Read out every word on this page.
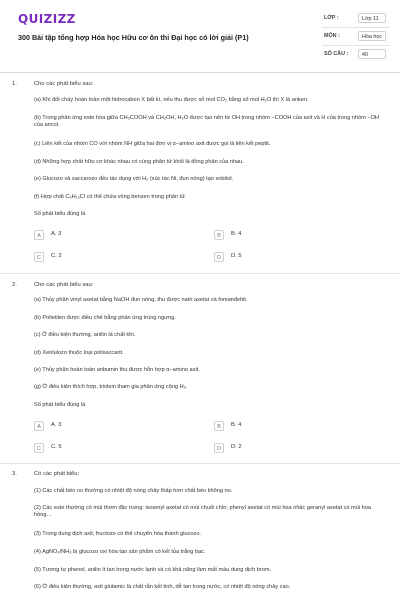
QUIZIZZ
300 Bài tập tổng hợp Hóa học Hữu cơ ôn thi Đại học có lời giải (P1)
LỚP :	Lớp 11
MÔN :	Hóa học
SỐ CÂU :	40
1.	Cho các phát biểu sau:
(a) Khi đốt cháy hoàn toàn một hidrocabon X bất kì, nếu thu được số mol CO₂ bằng số mol H₂O thì X là anken.
(b) Trong phân ứng este hóa giữa CH₃COOH và CH₃OH, H₂O được tạo nên từ OH trong nhóm −COOH của axit và H của trong nhóm −OH của ancol.
(c) Liên kết của nhóm CO với nhóm NH giữa hai đơn vị α−amino axit được gọi là liên kết peptit.
(d) Những hợp chất hữu cơ khác nhau có cùng phân tử khối là đồng phân của nhau.
(e) Glucozo và saccarozo đều tác dụng với H₂ (xúc tác Ni, đun nóng) tạo sobitol.
(f) Hợp chất C₉H₁₃Cl có thể chứa vòng benzen trong phân tử.
Số phát biểu đúng là
A	A. 3	B	B. 4
C	C. 2	D	D. 5
2.	Cho các phát biểu sau:
(a) Thủy phân vinyl axetat bằng NaOH đun nóng, thu được natri axetat và fomanđehit.
(b) Polietilen được điều chế bằng phản ứng trùng ngưng.
(c) Ở điều kiện thường, anilin là chất khí.
(d) Xenlulozo thuộc loại polisaccarit.
(e) Thủy phân hoàn toàn anbumin thu được hỗn hợp α−amino axit.
(g) Ở điều kiện thích hợp, triolein tham gia phản ứng cộng H₂.
Số phát biểu đúng là
A	A. 3	B	B. 4
C	C. 5	D	D. 2
3.	Có các phát biểu:
(1) Các chất béo no thường có nhiệt độ nóng chảy thấp hơn chất béo không no.
(2) Các este thường có mùi thơm đặc trưng: isoamyl axetat có mùi chuối chín; phenyl axetat có mùi hoa nhài; geranyl axetat có mùi hoa hồng…
(3) Trong dung dịch axit, fructozo có thể chuyển hóa thành glucozo.
(4) AgNO₃/NH₃ bị glucozo oxi hóa tạo sản phẩm có kết tủa trắng bạc.
(5) Tương tự phenol, anilin ít tan trong nước lạnh và có khả năng làm mất màu dung dịch brom.
(6) Ở điều kiện thường, axit glutamic là chất rắn kết tinh, dễ tan trong nước, có nhiệt độ nóng chảy cao.
